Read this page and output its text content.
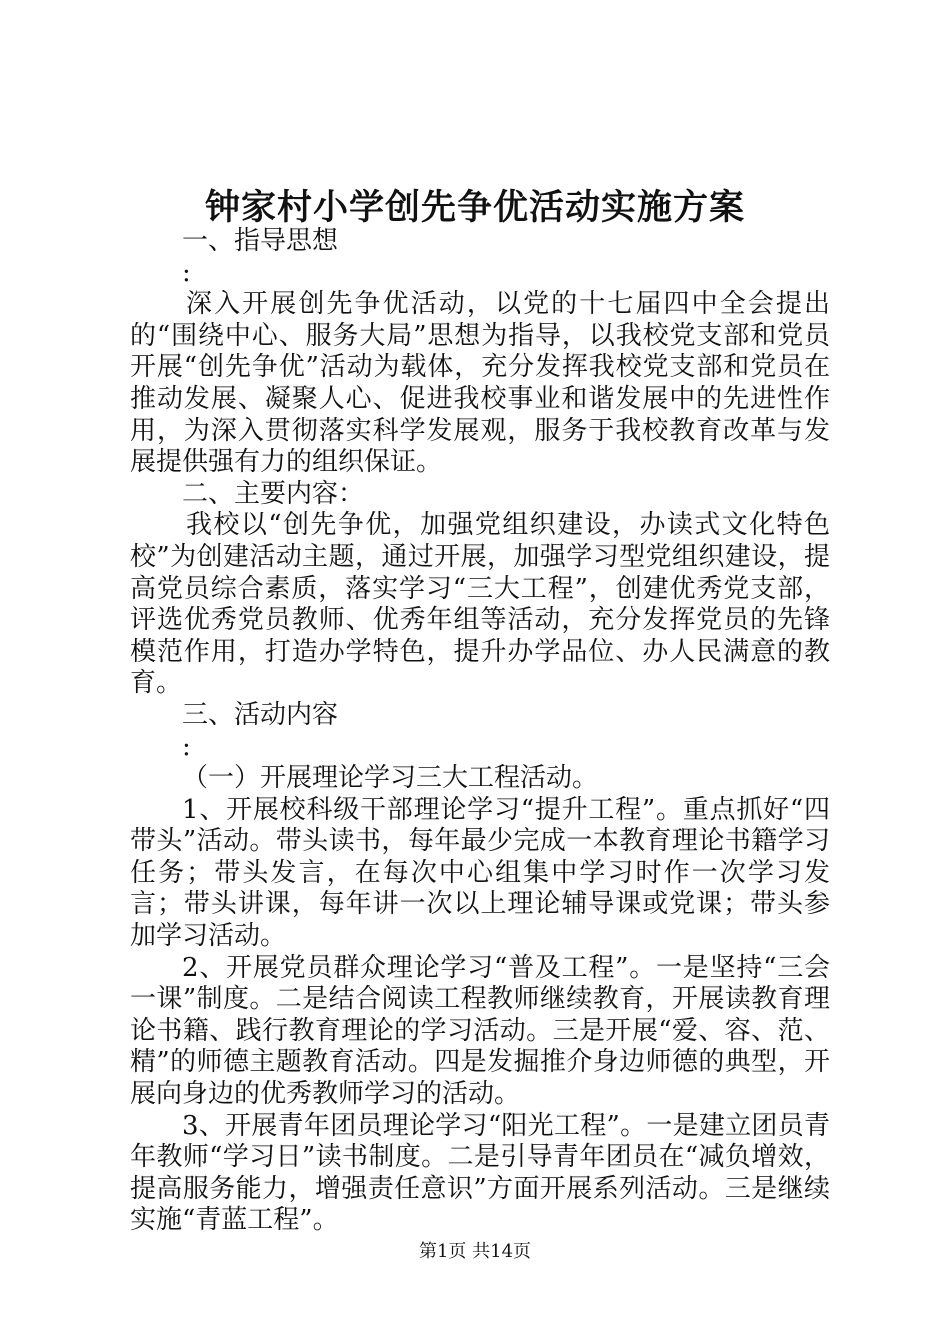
钟家村小学创先争优活动实施方案

一、指导思想

:

深入开展创先争优活动，以党的十七届四中全会提出的“围绕中心、服务大局”思想为指导，以我校党支部和党员开展“创先争优”活动为载体，充分发挥我校党支部和党员在推动发展、凝聚人心、促进我校事业和谐发展中的先进性作用，为深入贯彻落实科学发展观，服务于我校教育改革与发展提供强有力的组织保证。

二、主要内容：

我校以“创先争优，加强党组织建设，办读式文化特色校”为创建活动主题，通过开展，加强学习型党组织建设，提高党员综合素质，落实学习“三大工程”，创建优秀党支部，评选优秀党员教师、优秀年组等活动，充分发挥党员的先锋模范作用，打造办学特色，提升办学品位、办人民满意的教育。

三、活动内容

:

（一）开展理论学习三大工程活动。

1、开展校科级干部理论学习“提升工程”。重点抓好“四带头”活动。带头读书，每年最少完成一本教育理论书籍学习任务；带头发言，在每次中心组集中学习时作一次学习发言；带头讲课，每年讲一次以上理论辅导课或党课；带头参加学习活动。

2、开展党员群众理论学习“普及工程”。一是坚持“三会一课”制度。二是结合阅读工程教师继续教育，开展读教育理论书籍、践行教育理论的学习活动。三是开展“爱、容、范、精”的师德主题教育活动。四是发掘推介身边师德的典型，开展向身边的优秀教师学习的活动。

3、开展青年团员理论学习“阳光工程”。一是建立团员青年教师“学习日”读书制度。二是引导青年团员在“减负增效，提高服务能力，增强责任意识”方面开展系列活动。三是继续实施“青蓝工程”。

第1页 共14页
